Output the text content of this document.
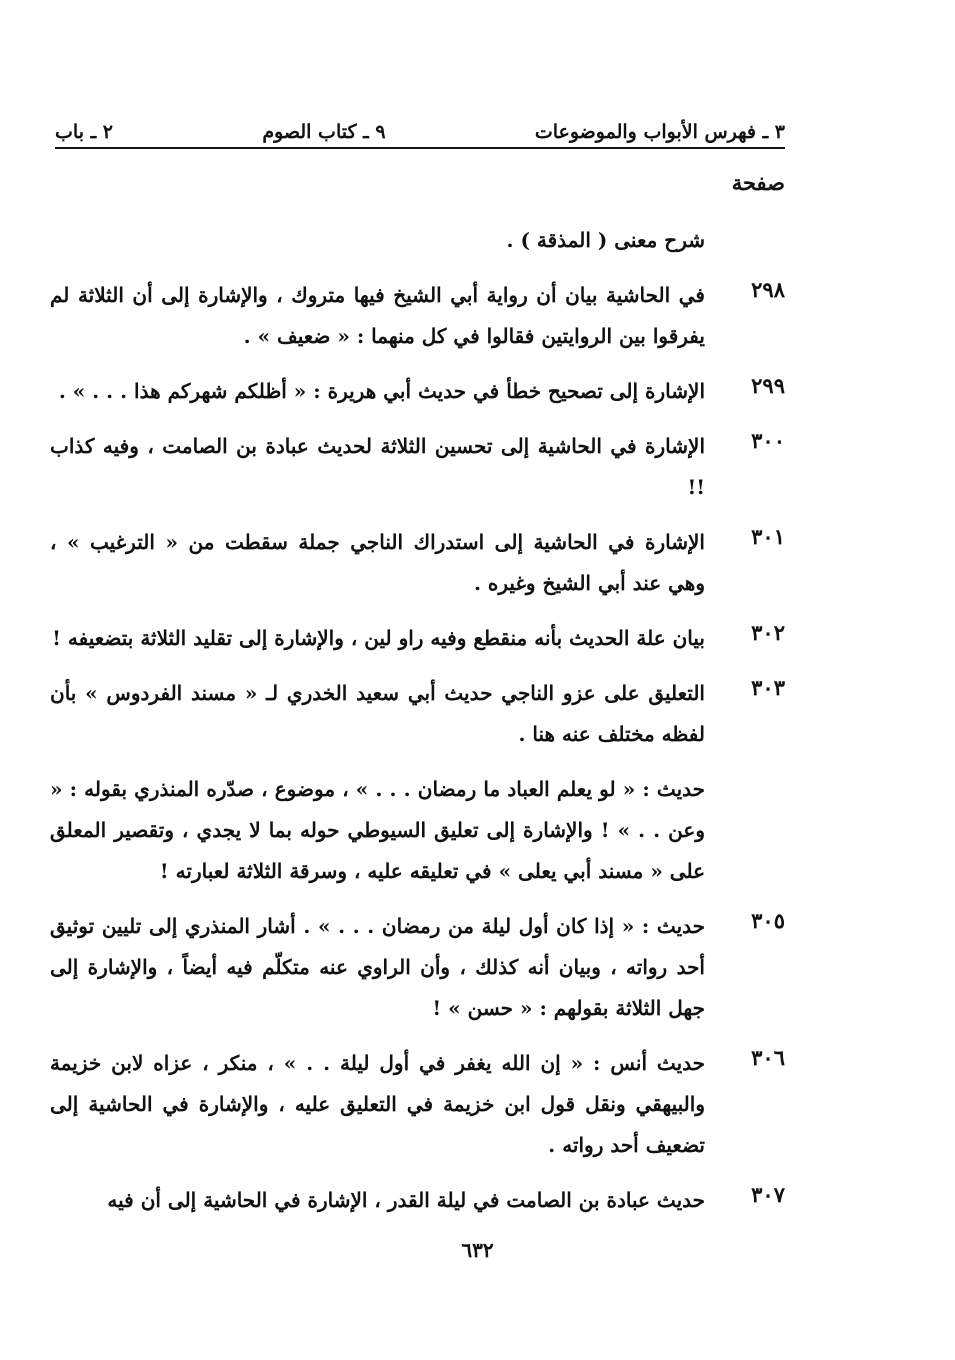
٣ ـ فهرس الأبواب والموضوعات
٩ ـ كتاب الصوم
٢ ـ باب
صفحة
شرح معنى ( المذقة ) .
٢٩٨
في الحاشية بيان أن رواية أبي الشيخ فيها متروك ، والإشارة إلى أن الثلاثة لم يفرقوا بين الروايتين فقالوا في كل منهما : « ضعيف » .
٢٩٩
الإشارة إلى تصحيح خطأ في حديث أبي هريرة : « أظلكم شهركم هذا . . . » .
٣٠٠
الإشارة في الحاشية إلى تحسين الثلاثة لحديث عبادة بن الصامت ، وفيه كذاب !!
٣٠١
الإشارة في الحاشية إلى استدراك الناجي جملة سقطت من « الترغيب » ، وهي عند أبي الشيخ وغيره .
٣٠٢
بيان علة الحديث بأنه منقطع وفيه راو لين ، والإشارة إلى تقليد الثلاثة بتضعيفه !
٣٠٣
التعليق على عزو الناجي حديث أبي سعيد الخدري لـ « مسند الفردوس » بأن لفظه مختلف عنه هنا .
حديث : « لو يعلم العباد ما رمضان . . . » ، موضوع ، صدّره المنذري بقوله : « وعن . . » ! والإشارة إلى تعليق السيوطي حوله بما لا يجدي ، وتقصير المعلق على « مسند أبي يعلى » في تعليقه عليه ، وسرقة الثلاثة لعبارته !
٣٠٥
حديث : « إذا كان أول ليلة من رمضان . . . » . أشار المنذري إلى تليين توثيق أحد رواته ، وبيان أنه كذلك ، وأن الراوي عنه متكلّم فيه أيضاً ، والإشارة إلى جهل الثلاثة بقولهم : « حسن » !
٣٠٦
حديث أنس : « إن الله يغفر في أول ليلة . . » ، منكر ، عزاه لابن خزيمة والبيهقي ونقل قول ابن خزيمة في التعليق عليه ، والإشارة في الحاشية إلى تضعيف أحد رواته .
٣٠٧
حديث عبادة بن الصامت في ليلة القدر ، الإشارة في الحاشية إلى أن فيه
٦٣٢
